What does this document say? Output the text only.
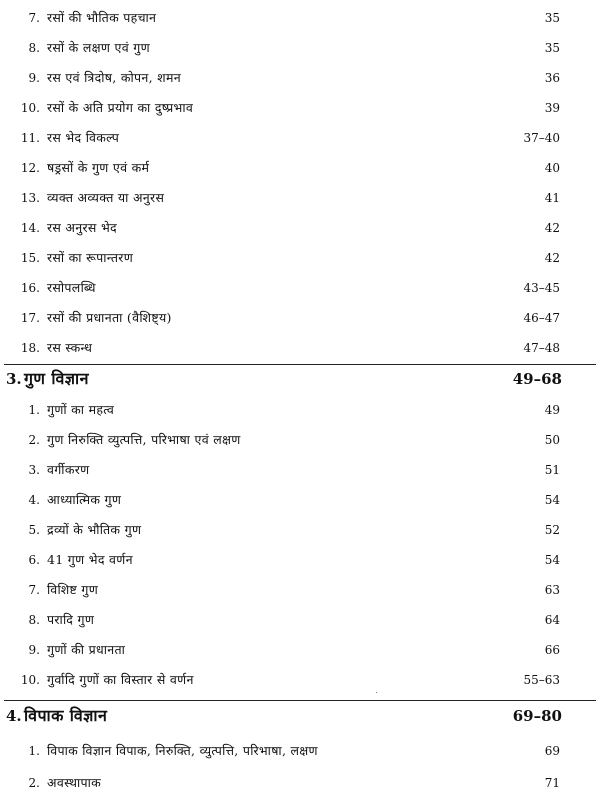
7. रसों की भौतिक पहचान	35
8. रसों के लक्षण एवं गुण	35
9. रस एवं त्रिदोष, कोपन, शमन	36
10. रसों के अति प्रयोग का दुष्प्रभाव	39
11. रस भेद विकल्प	37–40
12. षड्रसों के गुण एवं कर्म	40
13. व्यक्त अव्यक्त या अनुरस	41
14. रस अनुरस भेद	42
15. रसों का रूपान्तरण	42
16. रसोपलब्धि	43–45
17. रसों की प्रधानता (वैशिष्ट्य)	46–47
18. रस स्कन्ध	47–48
3. गुण विज्ञान	49–68
1. गुणों का महत्व	49
2. गुण निरुक्ति व्युत्पत्ति, परिभाषा एवं लक्षण	50
3. वर्गीकरण	51
4. आध्यात्मिक गुण	54
5. द्रव्यों के भौतिक गुण	52
6. 41 गुण भेद वर्णन	54
7. विशिष्ट गुण	63
8. परादि गुण	64
9. गुणों की प्रधानता	66
10. गुर्वादि गुणों का विस्तार से वर्णन	55–63
4. विपाक विज्ञान	69–80
1. विपाक विज्ञान विपाक, निरुक्ति, व्युत्पत्ति, परिभाषा, लक्षण	69
2. अवस्थापाक	71
